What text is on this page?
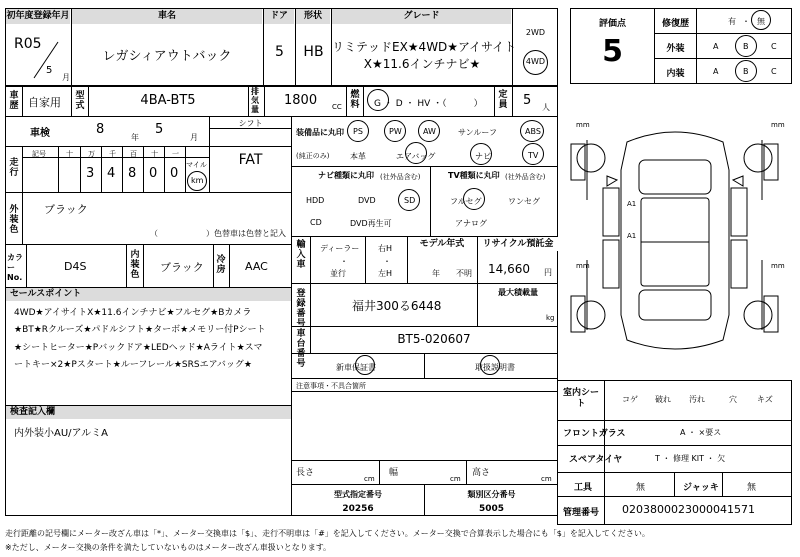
初年度登録年月
R05
5
月
車名
レガシィアウトバック
ドア
5
形状
HB
グレード
リミテッドEX★4WD★アイサイト
X★11.6インチナビ★
2WD
4WD
車歴 自家用 型式	4BA-BT5
排気量
1800 CC
燃料 G ・ D ・ HV ・（　　　）
定員 5 人
車検	8
年
5
月
シフト
FAT
走行
記号	十 万 千 百 十 一
マイル
3 4 8 0 0 km
装備品に丸印
(純正のみ)
PS	PW	AW	サンルーフ	ABS
本革	エアバッグ	ナビ	TV
外装色
ブラック
（　　　　　　）色替車は色替と記入
ナビ種類に丸印 (社外品含む)
HDD	DVD	SD
CD	DVD再生可
TV種類に丸印 (社外品含む)
フルセグ	ワンセグ
アナログ
カラーNo.
D4S
内装色
ブラック
冷房 AAC
輸入車
ディーラー
・
並行
右H
・
左H
モデル年式
年 不明
リサイクル預託金
14,660 円
セールスポイント
4WD★アイサイトX★11.6インチナビ★フルセグ★Bカメラ
★BT★Rクルーズ★パドルシフト★ターボ★メモリー付Pシート
★シートヒーター★Pバックドア★LEDヘッド★Aライト★スマ
ートキー×2★Pスタート★ルーフレール★SRSエアバッグ★
登録番号
福井300る6448
最大積載量
kg
車台番号
BT5-020607
新車保証書	取扱説明書
注意事項・不具合箇所
検査記入欄
内外装小AU/アルミA
長さ
cm
幅
cm
高さ
cm
型式指定番号
20256
類別区分番号
5005
評価点
5
修復歴	有 ・ 無
外装	A	B	C
内装	A	B	C
mm	mm
mm	mm
A1
A1
室内シート	コゲ 破れ 汚れ	穴	キズ
フロントガラス	A ・ ×要ス
スペアタイヤ	T ・ 修理 KIT ・ 欠
工具	無	ジャッキ	無
管理番号 0203800023000041571
走行距離の記号欄にメーター改ざん車は「*」、メーター交換車は「$」、走行不明車は「#」を記入してください。メーター交換で合算表示した場合にも「$」を記入してください。
※ただし、メーター交換の条件を満たしていないものはメーター改ざん車扱いとなります。
